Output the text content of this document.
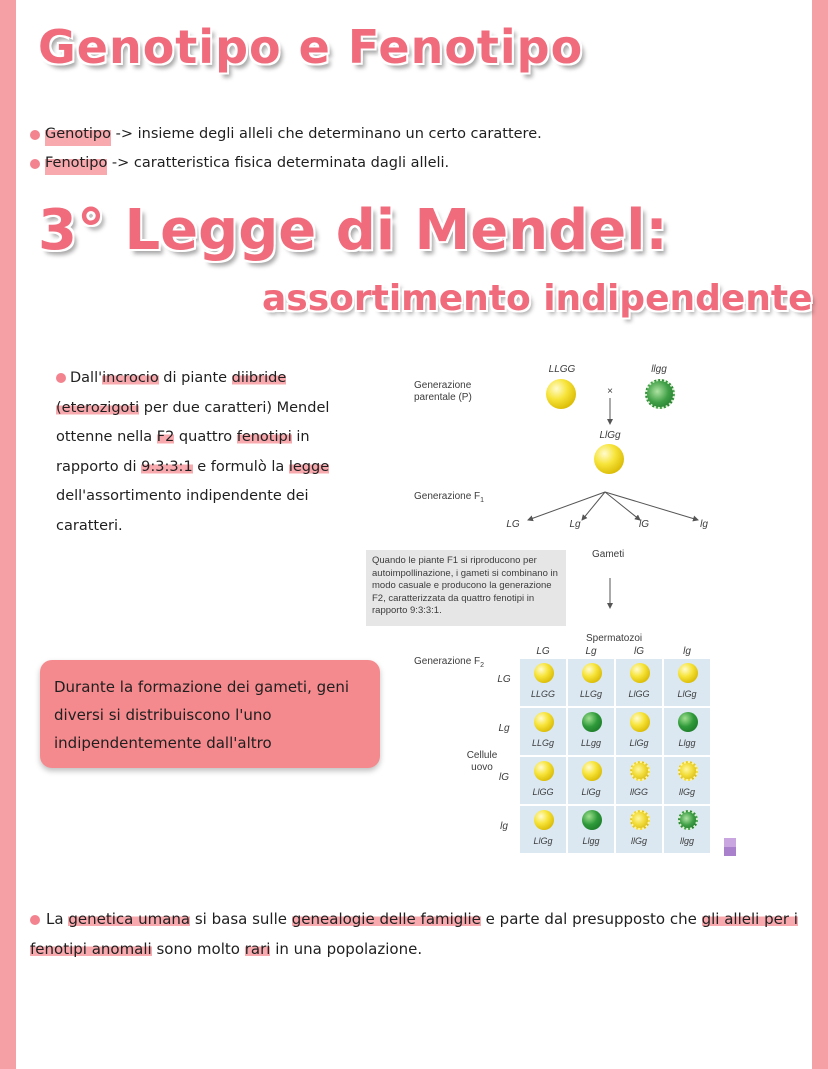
Genotipo e Fenotipo
Genotipo -> insieme degli alleli che determinano un certo carattere.
Fenotipo -> caratteristica fisica determinata dagli alleli.
3° Legge di Mendel:
assortimento indipendente
Dall'incrocio di piante diibride (eterozigoti per due caratteri) Mendel ottenne nella F2 quattro fenotipi in rapporto di 9:3:3:1 e formulò la legge dell'assortimento indipendente dei caratteri.
Durante la formazione dei gameti, geni diversi si distribuiscono l'uno indipendentemente dall'altro
Generazione parentale (P)
LLGG	llgg
×
LlGg
Generazione $F_1$
LG	Lg	lG	lg
Gameti
Quando le piante F1 si riproducono per autoimpollinazione, i gameti si combinano in modo casuale e producono la generazione F2, caratterizzata da quattro fenotipi in rapporto 9:3:3:1.
Spermatozoi
Generazione $F_2$
Cellule uovo
LG	Lg	lG	lg
LG
Lg
lG
lg
LLGG	LLGg	LlGG	LlGg
LLGg	LLgg	LlGg	Llgg
LlGG	LlGg	llGG	llGg
LlGg	Llgg	llGg	llgg
La genetica umana si basa sulle genealogie delle famiglie e parte dal presupposto che gli alleli per i fenotipi anomali sono molto rari in una popolazione.
